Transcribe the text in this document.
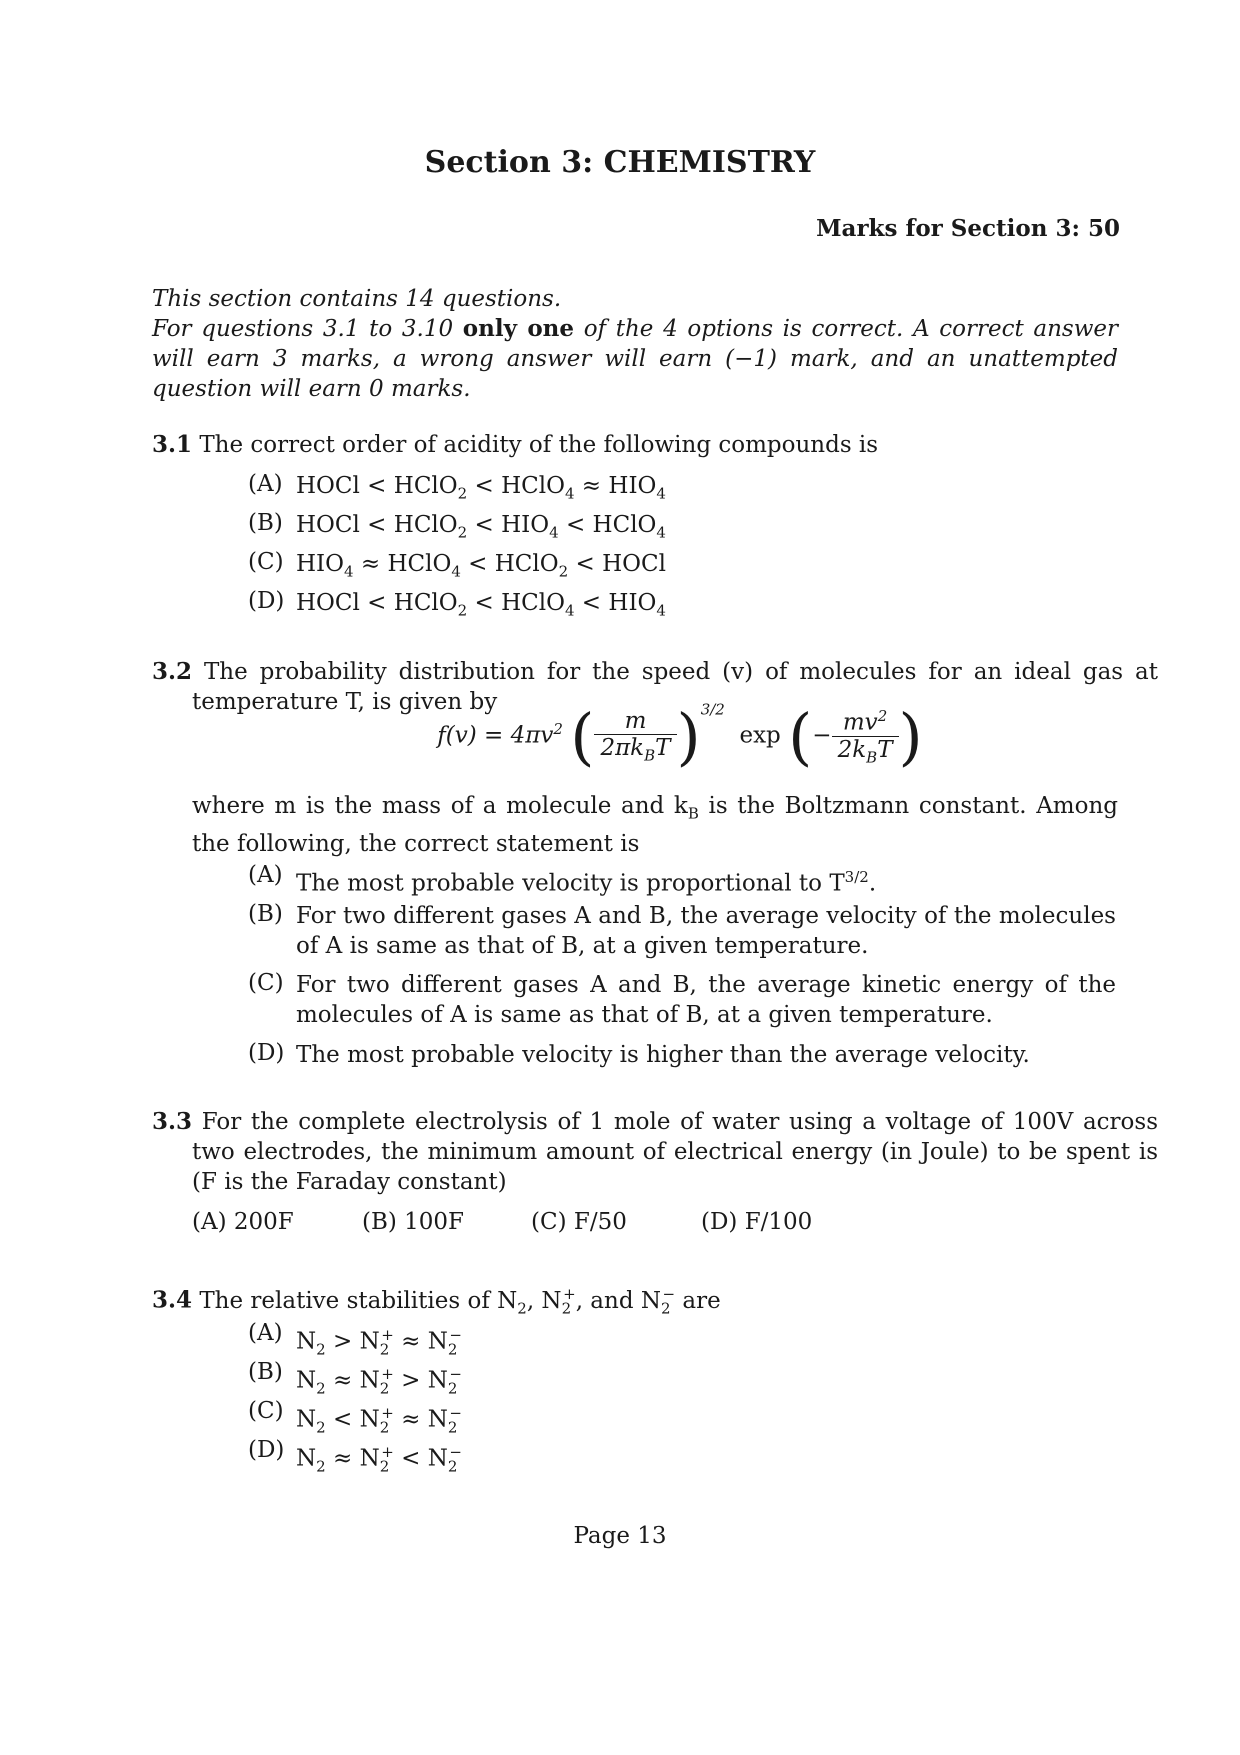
Section 3: CHEMISTRY
Marks for Section 3: 50
This section contains 14 questions.
For questions 3.1 to 3.10 only one of the 4 options is correct. A correct answer will earn 3 marks, a wrong answer will earn (−1) mark, and an unattempted question will earn 0 marks.
3.1 The correct order of acidity of the following compounds is
(A) HOCl < HClO$_2$ < HClO$_4$ ≈ $HIO_4$
(B) HOCl < HClO$_2$ < $HIO_4$ < HClO$_4$
(C) $HIO_4$ ≈ HClO$_4$ < HClO$_2$ < HOCl
(D) HOCl < HClO$_2$ < HClO$_4$ < $HIO_4$
3.2 The probability distribution for the speed (v) of molecules for an ideal gas at temperature T, is given by
$f(v) = 4\pi v^2$ ( $\frac{m}{2\pi k_BT} )^{3/2}$  exp (− $\frac{mv^2}{2k_BT}$ )
where m is the mass of a molecule and $k_B$ is the Boltzmann constant. Among the following, the correct statement is
(A) The most probable velocity is proportional to $T^{3/2}$.
(B) For two different gases A and B, the average velocity of the molecules of A is same as that of B, at a given temperature.
(C) For two different gases A and B, the average kinetic energy of the molecules of A is same as that of B, at a given temperature.
(D) The most probable velocity is higher than the average velocity.
3.3 For the complete electrolysis of 1 mole of water using a voltage of 100V across two electrodes, the minimum amount of electrical energy (in Joule) to be spent is (F is the Faraday constant)
(A) 200F	(B) 100F	(C) F/50	(D) F/100
3.4 The relative stabilities of $N_2$, $N_2^+$, and $N_2^-$ are
(A) $N_2 > N_2^+ \approx N_2^-$
(B) $N_2 \approx N_2^+ > N_2^-$
(C) $N_2 < N_2^+ \approx N_2^-$
(D) $N_2 \approx N_2^+ < N_2^-$
Page 13
